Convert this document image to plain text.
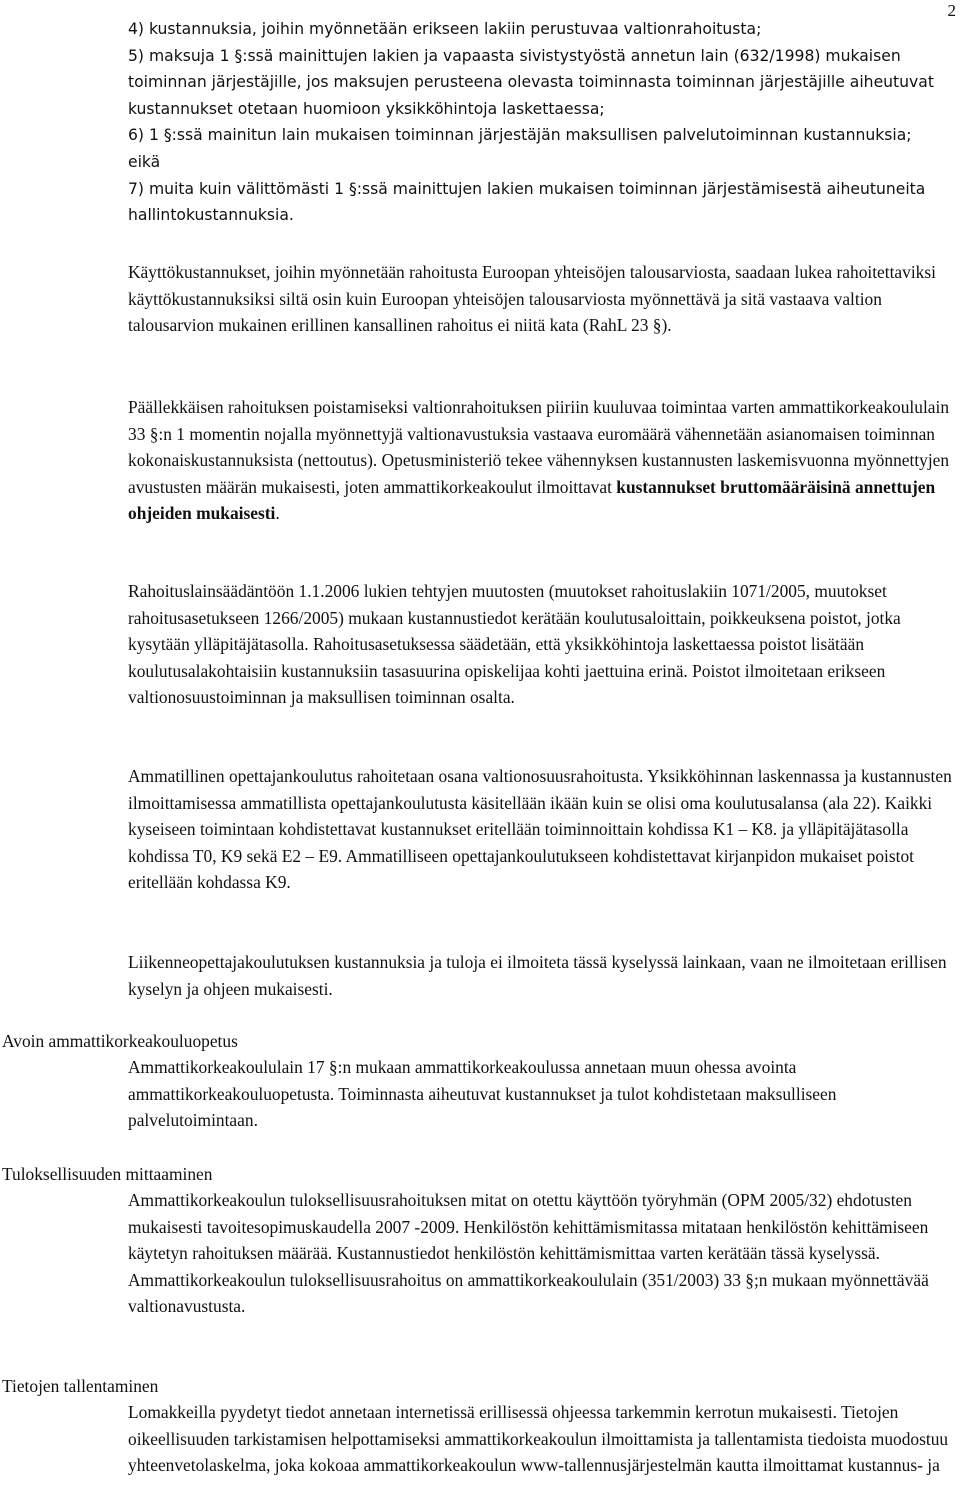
2
4) kustannuksia, joihin myönnetään erikseen lakiin perustuvaa valtionrahoitusta;
5) maksuja 1 §:ssä mainittujen lakien ja vapaasta sivistystyöstä annetun lain (632/1998) mukaisen toiminnan järjestäjille, jos maksujen perusteena olevasta toiminnasta toiminnan järjestäjille aiheutuvat kustannukset otetaan huomioon yksikköhintoja laskettaessa;
6) 1 §:ssä mainitun lain mukaisen toiminnan järjestäjän maksullisen palvelutoiminnan kustannuksia; eikä
7) muita kuin välittömästi 1 §:ssä mainittujen lakien mukaisen toiminnan järjestämisestä aiheutuneita hallintokustannuksia.

Käyttökustannukset, joihin myönnetään rahoitusta Euroopan yhteisöjen talousarviosta, saadaan lukea rahoitettaviksi käyttökustannuksiksi siltä osin kuin Euroopan yhteisöjen talousarviosta myönnettävä ja sitä vastaava valtion talousarvion mukainen erillinen kansallinen rahoitus ei niitä kata (RahL 23 §).

Päällekkäisen rahoituksen poistamiseksi valtionrahoituksen piiriin kuuluvaa toimintaa varten ammattikorkeakoululain 33 §:n 1 momentin nojalla myönnettyjä valtionavustuksia vastaava euromäärä vähennetään asianomaisen toiminnan kokonaiskustannuksista (nettoutus). Opetusministeriö tekee vähennyksen kustannusten laskemisvuonna myönnettyjen avustusten määrän mukaisesti, joten ammattikorkeakoulut ilmoittavat kustannukset bruttomääräisinä annettujen ohjeiden mukaisesti.

Rahoituslainsäädäntöön 1.1.2006 lukien tehtyjen muutosten (muutokset rahoituslakiin 1071/2005, muutokset rahoitusasetukseen 1266/2005) mukaan kustannustiedot kerätään koulutusaloittain, poikkeuksena poistot, jotka kysytään ylläpitäjätasolla. Rahoitusasetuksessa säädetään, että yksikköhintoja laskettaessa poistot lisätään koulutusalakohtaisiin kustannuksiin tasasuurina opiskelijaa kohti jaettuina erinä. Poistot ilmoitetaan erikseen valtionosuustoiminnan ja maksullisen toiminnan osalta.

Ammatillinen opettajankoulutus rahoitetaan osana valtionosuusrahoitusta. Yksikköhinnan laskennassa ja kustannusten ilmoittamisessa ammatillista opettajankoulutusta käsitellään ikään kuin se olisi oma koulutusalansa (ala 22). Kaikki kyseiseen toimintaan kohdistettavat kustannukset eritellään toiminnoittain kohdissa K1 – K8. ja ylläpitäjätasolla kohdissa T0, K9 sekä E2 – E9. Ammatilliseen opettajankoulutukseen kohdistettavat kirjanpidon mukaiset poistot eritellään kohdassa K9.

Liikenneopettajakoulutuksen kustannuksia ja tuloja ei ilmoiteta tässä kyselyssä lainkaan, vaan ne ilmoitetaan erillisen kyselyn ja ohjeen mukaisesti.

Avoin ammattikorkeakouluopetus

Ammattikorkeakoululain 17 §:n mukaan ammattikorkeakoulussa annetaan muun ohessa avointa ammattikorkeakouluopetusta. Toiminnasta aiheutuvat kustannukset ja tulot kohdistetaan maksulliseen palvelutoimintaan.

Tuloksellisuuden mittaaminen

Ammattikorkeakoulun tuloksellisuusrahoituksen mitat on otettu käyttöön työryhmän (OPM 2005/32) ehdotusten mukaisesti tavoitesopimuskaudella 2007 -2009. Henkilöstön kehittämismitassa mitataan henkilöstön kehittämiseen käytetyn rahoituksen määrää. Kustannustiedot henkilöstön kehittämismittaa varten kerätään tässä kyselyssä. Ammattikorkeakoulun tuloksellisuusrahoitus on ammattikorkeakoululain (351/2003) 33 §;n mukaan myönnettävää valtionavustusta.

Tietojen tallentaminen

Lomakkeilla pyydetyt tiedot annetaan internetissä erillisessä ohjeessa tarkemmin kerrotun mukaisesti. Tietojen oikeellisuuden tarkistamisen helpottamiseksi ammattikorkeakoulun ilmoittamista ja tallentamista tiedoista muodostuu yhteenvetolaskelma, joka kokoaa ammattikorkeakoulun www-tallennusjärjestelmän kautta ilmoittamat kustannus- ja
